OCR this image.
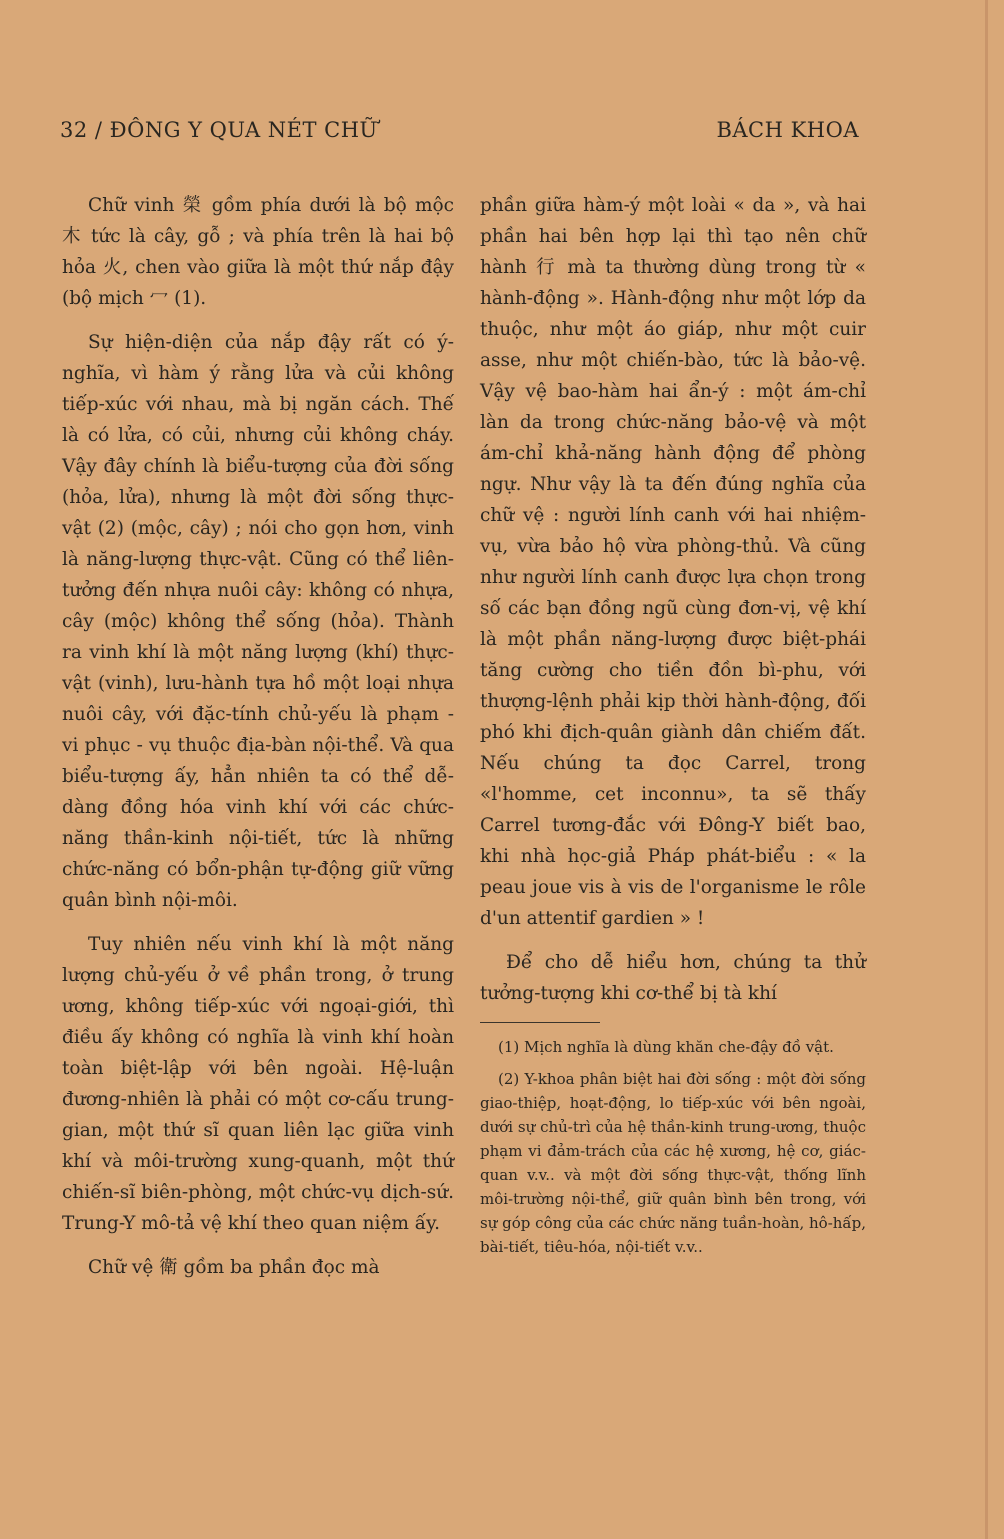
32 / ĐÔNG Y QUA NÉT CHỮ	BÁCH KHOA

Chữ vinh 榮 gồm phía dưới là bộ mộc 木 tức là cây, gỗ ; và phía trên là hai bộ hỏa 火, chen vào giữa là một thứ nắp đậy (bộ mịch 冖 (1).

Sự hiện-diện của nắp đậy rất có ý-nghĩa, vì hàm ý rằng lửa và củi không tiếp-xúc với nhau, mà bị ngăn cách. Thế là có lửa, có củi, nhưng củi không cháy. Vậy đây chính là biểu-tượng của đời sống (hỏa, lửa), nhưng là một đời sống thực-vật (2) (mộc, cây) ; nói cho gọn hơn, vinh là năng-lượng thực-vật. Cũng có thể liên-tưởng đến nhựa nuôi cây: không có nhựa, cây (mộc) không thể sống (hỏa). Thành ra vinh khí là một năng lượng (khí) thực-vật (vinh), lưu-hành tựa hồ một loại nhựa nuôi cây, với đặc-tính chủ-yếu là phạm - vi phục - vụ thuộc địa-bàn nội-thể. Và qua biểu-tượng ấy, hẳn nhiên ta có thể dễ-dàng đồng hóa vinh khí với các chức-năng thần-kinh nội-tiết, tức là những chức-năng có bổn-phận tự-động giữ vững quân bình nội-môi.

Tuy nhiên nếu vinh khí là một năng lượng chủ-yếu ở về phần trong, ở trung ương, không tiếp-xúc với ngoại-giới, thì điều ấy không có nghĩa là vinh khí hoàn toàn biệt-lập với bên ngoài. Hệ-luận đương-nhiên là phải có một cơ-cấu trung-gian, một thứ sĩ quan liên lạc giữa vinh khí và môi-trường xung-quanh, một thứ chiến-sĩ biên-phòng, một chức-vụ dịch-sứ. Trung-Y mô-tả vệ khí theo quan niệm ấy.

Chữ vệ 衛 gồm ba phần đọc mà

phần giữa hàm-ý một loài « da », và hai phần hai bên hợp lại thì tạo nên chữ hành 行 mà ta thường dùng trong từ « hành-động ». Hành-động như một lớp da thuộc, như một áo giáp, như một cuir asse, như một chiến-bào, tức là bảo-vệ. Vậy vệ bao-hàm hai ẩn-ý : một ám-chỉ làn da trong chức-năng bảo-vệ và một ám-chỉ khả-năng hành động để phòng ngự. Như vậy là ta đến đúng nghĩa của chữ vệ : người lính canh với hai nhiệm-vụ, vừa bảo hộ vừa phòng-thủ. Và cũng như người lính canh được lựa chọn trong số các bạn đồng ngũ cùng đơn-vị, vệ khí là một phần năng-lượng được biệt-phái tăng cường cho tiền đồn bì-phu, với thượng-lệnh phải kịp thời hành-động, đối phó khi địch-quân giành dân chiếm đất. Nếu chúng ta đọc Carrel, trong «l'homme, cet inconnu», ta sẽ thấy Carrel tương-đắc với Đông-Y biết bao, khi nhà học-giả Pháp phát-biểu : « la peau joue vis à vis de l'organisme le rôle d'un attentif gardien » !

Để cho dễ hiểu hơn, chúng ta thử tưởng-tượng khi cơ-thể bị tà khí

(1) Mịch nghĩa là dùng khăn che-đậy đồ vật.

(2) Y-khoa phân biệt hai đời sống : một đời sống giao-thiệp, hoạt-động, lo tiếp-xúc với bên ngoài, dưới sự chủ-trì của hệ thần-kinh trung-ương, thuộc phạm vi đảm-trách của các hệ xương, hệ cơ, giác-quan v.v.. và một đời sống thực-vật, thống lĩnh môi-trường nội-thể, giữ quân bình bên trong, với sự góp công của các chức năng tuần-hoàn, hô-hấp, bài-tiết, tiêu-hóa, nội-tiết v.v..
